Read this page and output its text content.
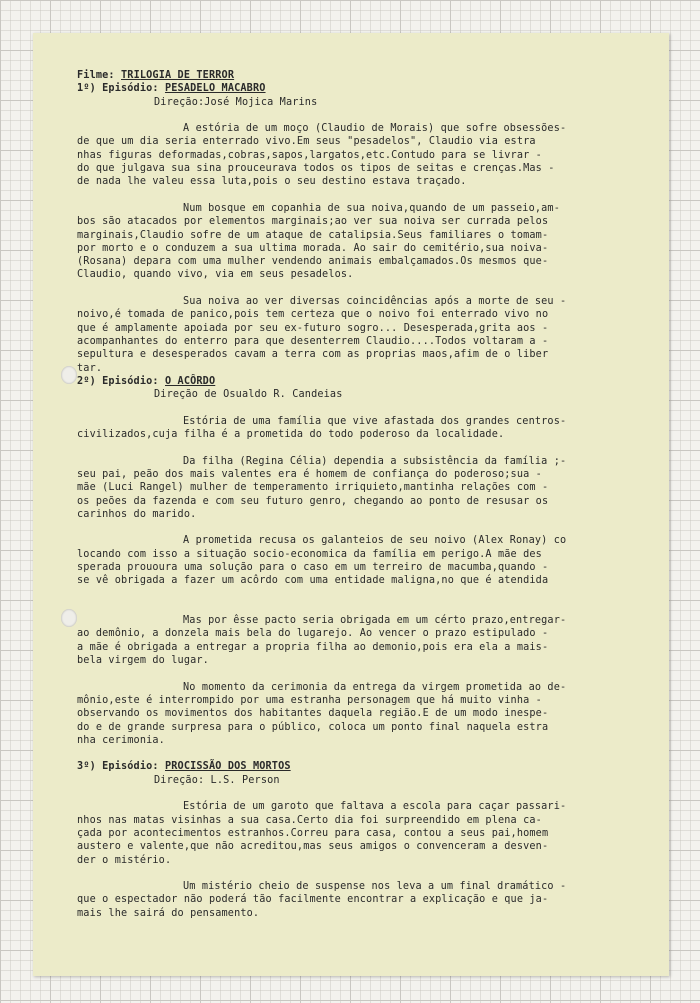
Filme: TRILOGIA DE TERROR
1º) Episódio: PESADELO MACABRO
Direção:José Mojica Marins
A estória de um moço (Claudio de Morais) que sofre obsessões-
de que um dia seria enterrado vivo.Em seus "pesadelos", Claudio via estra
nhas figuras deformadas,cobras,sapos,largatos,etc.Contudo para se livrar -
do que julgava sua sina prouceurava todos os tipos de seitas e crenças.Mas -
de nada lhe valeu essa luta,pois o seu destino estava traçado.
Num bosque em copanhia de sua noiva,quando de um passeio,am-
bos são atacados por elementos marginais;ao ver sua noiva ser currada pelos
marginais,Claudio sofre de um ataque de catalipsia.Seus familiares o tomam-
por morto e o conduzem a sua ultima morada. Ao sair do cemitério,sua noiva-
(Rosana) depara com uma mulher vendendo animais embalçamados.Os mesmos que-
Claudio, quando vivo, via em seus pesadelos.
Sua noiva ao ver diversas coincidências após a morte de seu -
noivo,é tomada de panico,pois tem certeza que o noivo foi enterrado vivo no
que é amplamente apoiada por seu ex-futuro sogro... Desesperada,grita aos -
acompanhantes do enterro para que desenterrem Claudio....Todos voltaram a -
sepultura e desesperados cavam a terra com as proprias maos,afim de o liber
tar.
2º) Episódio: O ACÔRDO
Direção de Osualdo R. Candeias
Estória de uma família que vive afastada dos grandes centros-
civilizados,cuja filha é a prometida do todo poderoso da localidade.
Da filha (Regina Célia) dependia a subsistência da família ;-
seu pai, peão dos mais valentes era é homem de confiança do poderoso;sua -
mãe (Luci Rangel) mulher de temperamento irriquieto,mantinha relações com -
os peões da fazenda e com seu futuro genro, chegando ao ponto de resusar os
carinhos do marido.
A prometida recusa os galanteios de seu noivo (Alex Ronay) co
locando com isso a situação socio-economica da família em perigo.A mãe des
sperada prououra uma solução para o caso em um terreiro de macumba,quando -
se vê obrigada a fazer um acôrdo com uma entidade maligna,no que é atendida
Mas por êsse pacto seria obrigada em um cérto prazo,entregar-
ao demônio, a donzela mais bela do lugarejo. Ao vencer o prazo estipulado -
a mãe é obrigada a entregar a propria filha ao demonio,pois era ela a mais-
bela virgem do lugar.
No momento da cerimonia da entrega da virgem prometida ao de-
mônio,este é interrompido por uma estranha personagem que há muito vinha -
observando os movimentos dos habitantes daquela região.E de um modo inespe-
do e de grande surpresa para o público, coloca um ponto final naquela estra
nha cerimonia.
3º) Episódio: PROCISSÃO DOS MORTOS
Direção: L.S. Person
Estória de um garoto que faltava a escola para caçar passari-
nhos nas matas visinhas a sua casa.Certo dia foi surpreendido em plena ca-
çada por acontecimentos estranhos.Correu para casa, contou a seus pai,homem
austero e valente,que não acreditou,mas seus amigos o convenceram a desven-
der o mistério.
Um mistério cheio de suspense nos leva a um final dramático -
que o espectador não poderá tão facilmente encontrar a explicação e que ja-
mais lhe sairá do pensamento.
